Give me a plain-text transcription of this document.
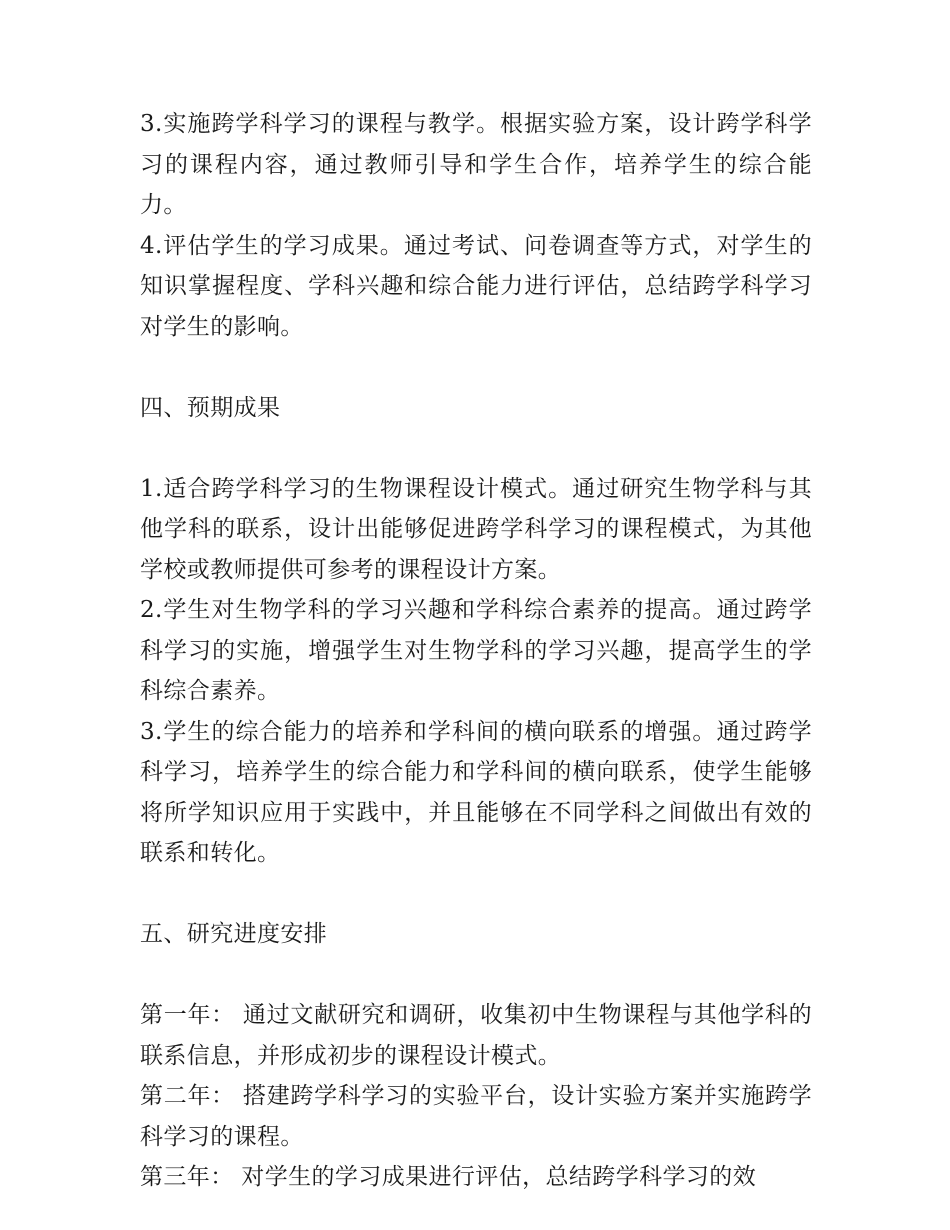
3.实施跨学科学习的课程与教学。根据实验方案，设计跨学科学习的课程内容，通过教师引导和学生合作，培养学生的综合能力。

4.评估学生的学习成果。通过考试、问卷调查等方式，对学生的知识掌握程度、学科兴趣和综合能力进行评估，总结跨学科学习对学生的影响。

四、预期成果

1.适合跨学科学习的生物课程设计模式。通过研究生物学科与其他学科的联系，设计出能够促进跨学科学习的课程模式，为其他学校或教师提供可参考的课程设计方案。

2.学生对生物学科的学习兴趣和学科综合素养的提高。通过跨学科学习的实施，增强学生对生物学科的学习兴趣，提高学生的学科综合素养。

3.学生的综合能力的培养和学科间的横向联系的增强。通过跨学科学习，培养学生的综合能力和学科间的横向联系，使学生能够将所学知识应用于实践中，并且能够在不同学科之间做出有效的联系和转化。

五、研究进度安排

第一年： 通过文献研究和调研，收集初中生物课程与其他学科的联系信息，并形成初步的课程设计模式。

第二年： 搭建跨学科学习的实验平台，设计实验方案并实施跨学科学习的课程。

第三年： 对学生的学习成果进行评估，总结跨学科学习的效
